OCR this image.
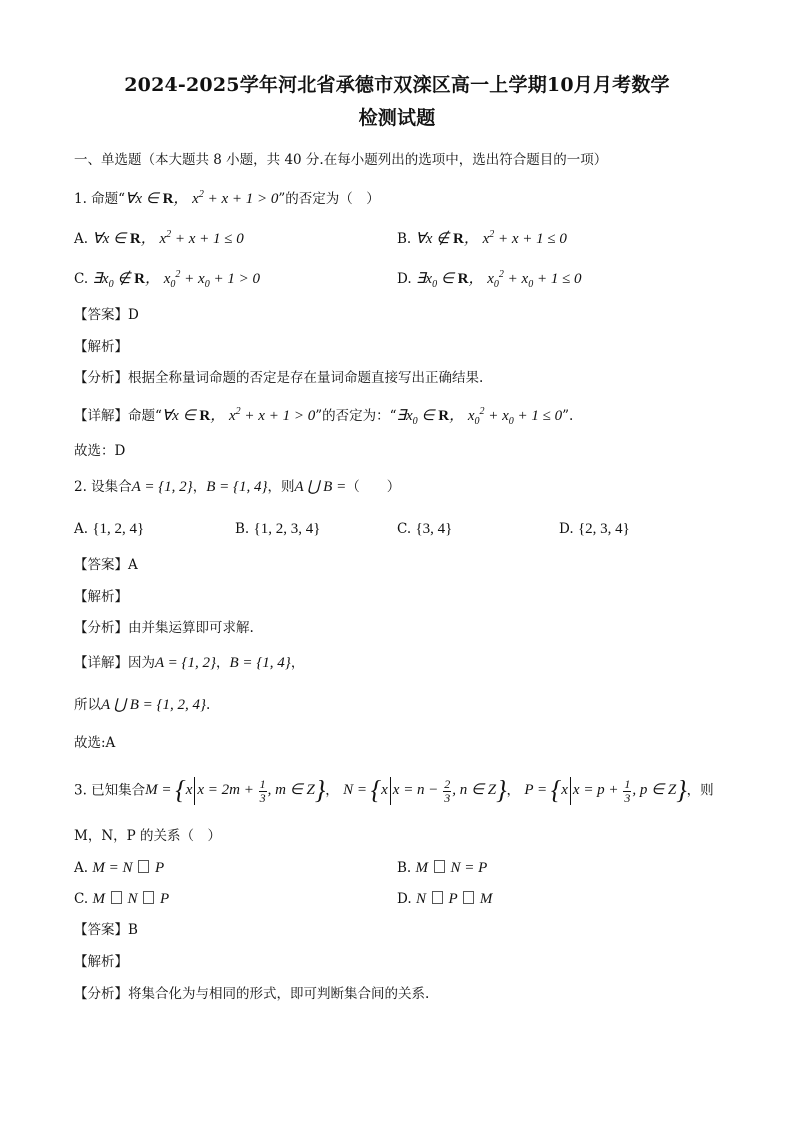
2024-2025学年河北省承德市双滦区高一上学期10月月考数学
检测试题
一、单选题（本大题共 8 小题，共 40 分.在每小题列出的选项中，选出符合题目的一项）
1. 命题“∀x ∈ R， $x^2 + x + 1 > 0$”的否定为（　）
A. ∀x ∈ R， $x^2 + x + 1 \le 0$	B. ∀x ∉ R， $x^2 + x + 1 \le 0$
C. $\exists x_0$ ∉ R， $x_0^2 + x_0 + 1 > 0$	D. $\exists x_0$ ∈ R， $x_0^2 + x_0 + 1 \le 0$
【答案】D
【解析】
【分析】根据全称量词命题的否定是存在量词命题直接写出正确结果.
【详解】命题“∀x ∈ R， $x^2 + x + 1 > 0$”的否定为：“$\exists x_0$ ∈ R， $x_0^2 + x_0 + 1 \le 0$”.
故选：D
2. 设集合A = {1, 2}，B = {1, 4}，则A ⋃ B =（　　）
A. {1, 2, 4}	B. {1, 2, 3, 4}	C. {3, 4}	D. {2, 3, 4}
【答案】A
【解析】
【分析】由并集运算即可求解.
【详解】因为A = {1, 2}，B = {1, 4}，
所以A ⋃ B = {1, 2, 4}.
故选:A
3. 已知集合M = {x $x = 2m + \frac{1}{3}$ , m ∈ Z}， N = {x $x = n - \frac{2}{3}$ , n ∈ Z}， P = {x $x = p + \frac{1}{3}$ , p ∈ Z}，则
M，N，P 的关系（　）
A. M = N  P	B. M  N = P
C. M  N  P	D. N  P  M
【答案】B
【解析】
【分析】将集合化为与相同的形式，即可判断集合间的关系.
